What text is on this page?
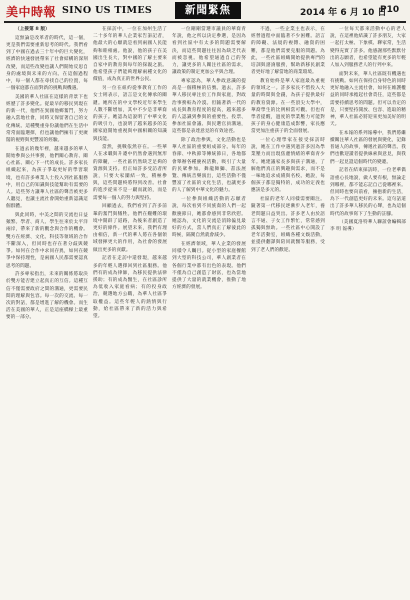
美中時報 SINO US TIMES	新聞緊焦	2014 年 6 月 10 日
P10

（上接第 8 版）

這無論是改革者的時代，這一個，更是我們需要重新思考的時代。我們看到了中國在過去三十年中的巨大變化，經濟的快速發展帶來了社會結構的深刻改變，而這些改變也讓人們開始反思自身的處境與未來的方向。在這個過程中，每一個人都在尋找自己的位置，每一個家庭都在面對新的挑戰與機遇。

美國的華人社區在這樣的背景下也經歷了許多變化。從最早的移民到現在的新一代，他們在異國他鄉奮鬥，努力融入當地社會，同時又保留著自己的文化傳統。這種雙重身份讓他們在生活中常常面臨選擇，但也讓他們擁有了更廣闊的視野與更豐富的經驗。

在過去的幾年裡，越來越多的華人開始參與公共事務，他們關心教育、關心社區、關心下一代的成長。許多家長組織起來，為孩子爭取更好的學習環境，也有許多專業人士投入到社區服務中，用自己的知識與技能幫助有需要的人。這些努力讓華人社區的聲音被更多人聽見，也讓主流社會開始重新認識這個群體。

與此同時，中美之間的交流也日益頻繁。學者、商人、學生往來於太平洋兩岸，帶來了新的觀念與合作的機會。雙方在經濟、文化、科技等領域的合作不斷深入，但同時也存在著分歧與競爭。如何在合作中求同存異，如何在競爭中保持理性，是兩國人民都需要認真思考的問題。

許多專家指出，未來的關係將取決於雙方能否建立起真正的互信。這種互信不僅需要政府之間的溝通，更需要民間的理解與包容。每一次的交流、每一次的對話，都是增進了解的機會。而生活在美國的華人，正是這座橋樑上最重要的一部分。

在採訪中，一位在加州生活了二十多年的華人企業家告訴記者，他最大的心願就是看到兩國人民能夠和睦相處。他說，他的孩子在美國出生長大，對中國的了解主要來自家中的教育與每年的探親之旅。他希望孩子們能夠理解兩種文化的價值，成為真正的世界公民。

另一位在紐約從事教育工作的女士則表示，語言是文化傳承的關鍵。她所在的中文學校近年來學生人數不斷增加，其中不少是非華裔的孩子。她認為這說明了中華文化的吸引力，也說明了越來越多的美國家庭開始重視與中國相關的知識與技能。

當然，挑戰依然存在。一些華人在求職與升遷中仍然會遇到無形的障礙，一些社區仍然缺乏足夠的資源與支持。但正如許多受訪者所說，只要大家團結一致，積極參與，這些問題終將得到改善。社會的進步從來不是一蹴而就的，而是需要每一個人的努力與堅持。

回顧過去，我們看到了許多前輩的奮鬥與犧牲。他們在艱難的環境中開辟了道路，為後來者創造了更好的條件。展望未來，我們有理由相信，新一代的華人將在各個領域發揮更大的作用，為社會的發展做出更多的貢獻。

記者在走訪中還發現，越來越多的年輕人選擇回到社區服務。他們有的成為律師，為移民提供法律援助；有的成為醫生，在社區診所為低收入家庭看病；有的投身政治，競選地方公職，為華人社區爭取權益。這些年輕人的熱情與行動，給社區帶來了新的活力與希望。

一位剛剛當選市議員的華裔青年說，他之所以決定參選，是因為看到社區中有太多的問題需要解決，而這些問題往往因為缺乏代表而被忽視。他希望通過自己的努力，讓更多的人關注社區的需求，讓政策的制定更加公平與合理。

專家認為，華人參政意識的提高是一個積極的信號。過去，許多華人移民專注於工作與家庭，對政治事務較為冷漠。但隨著新一代的成長與教育程度的提高，越來越多的人認識到參與的重要性。投票、參加社區會議、與民選官員溝通，這些都是表達意見的有效途徑。

除了政治參與，文化活動也是華人社區的重要組成部分。每年的春節、中秋節等傳統節日，各地都會舉辦各種慶祝活動，吸引了大量的民眾參加。舞龍舞獅、書法展覽、傳統音樂演出，這些活動不僅豐富了社區的文化生活，也讓更多的人了解到中華文化的魅力。

一位參與組織活動的志願者說，每次看到不同族裔的人們一起歡慶節日，她都會感到非常欣慰。她認為，文化的交流是消除偏見最好的方式，當人們真正了解彼此的時候，隔閡自然就會減少。

在經濟領域，華人企業的發展同樣令人矚目。從小型的家庭餐館到大型的科技公司，華人創業者在各個行業中都有出色的表現。他們不僅為自己創造了財富，也為當地提供了大量的就業機會，推動了地方經濟的發展。

不過，一些企業主也表示，在經營過程中面臨著不少困難。語言的障礙、法規的複雜、融資的困難，都是他們需要克服的問題。為此，一些社區組織開始提供專門的培訓與諮詢服務，幫助新移民創業者更好地了解當地的商業環境。

教育始終是華人家庭最為重視的領域之一。許多家長不惜投入大量的時間與金錢，為孩子提供最好的教育資源。在一些頂尖大學中，華裔學生的比例相當可觀。但也有學者提醒，過度的學業壓力可能對孩子的身心健康造成影響，家長應當更加注重孩子的全面發展。

一位心理學家在接受採訪時說，她在工作中遇到過許多因為學業壓力而出現焦慮情緒的華裔青少年。她建議家長多與孩子溝通，了解他們真正的興趣與需求，而不是一味地追求成績與名校。她說，每個孩子都是獨特的，成功的定義也應該是多元的。

社區的老年人同樣需要關注。隨著第一代移民逐漸步入老年，養老問題日益突出。許多老人由於語言不通、子女工作繁忙，常常感到孤獨與無助。一些社區中心開設了老年活動室，組織各種文娛活動，並提供翻譯與陪同就醫等服務，受到了老人們的歡迎。

一位每天都來活動中心的老人說，在這裡他結識了許多朋友，大家一起打太極、下象棋、聊家常，生活變得充實了許多。他感謝那些默默付出的志願者，也希望能有更多的年輕人加入到服務老人的行列中來。

面對未來，華人社區既有機遇也有挑戰。如何在保持自身特色的同時更好地融入主流社會，如何在維護權益的同時承擔起社會責任，這些都是需要持續思考的問題。但可以肯定的是，只要堅持開放、包容、進取的精神，華人社區必將迎來更加美好的明天。

在本報的系列報導中，我們將繼續關注華人社區的發展與變化，記錄普通人的故事，傳遞社區的聲音。我們也歡迎讀者提供線索與意見，與我們一起見證這個時代的變遷。

記者在結束採訪時，一位老華僑語重心長地說，做人要有根，無論走到哪裡，都不能忘記自己從哪裡來。但同時也要向前看，擁抱新的生活，為下一代創造更好的未來。這句話道出了許多華人移民的心聲，也為這個時代的故事寫下了生動的註腳。

（美國夏洛特華人聯誼會編輯部 李 明 報導）
